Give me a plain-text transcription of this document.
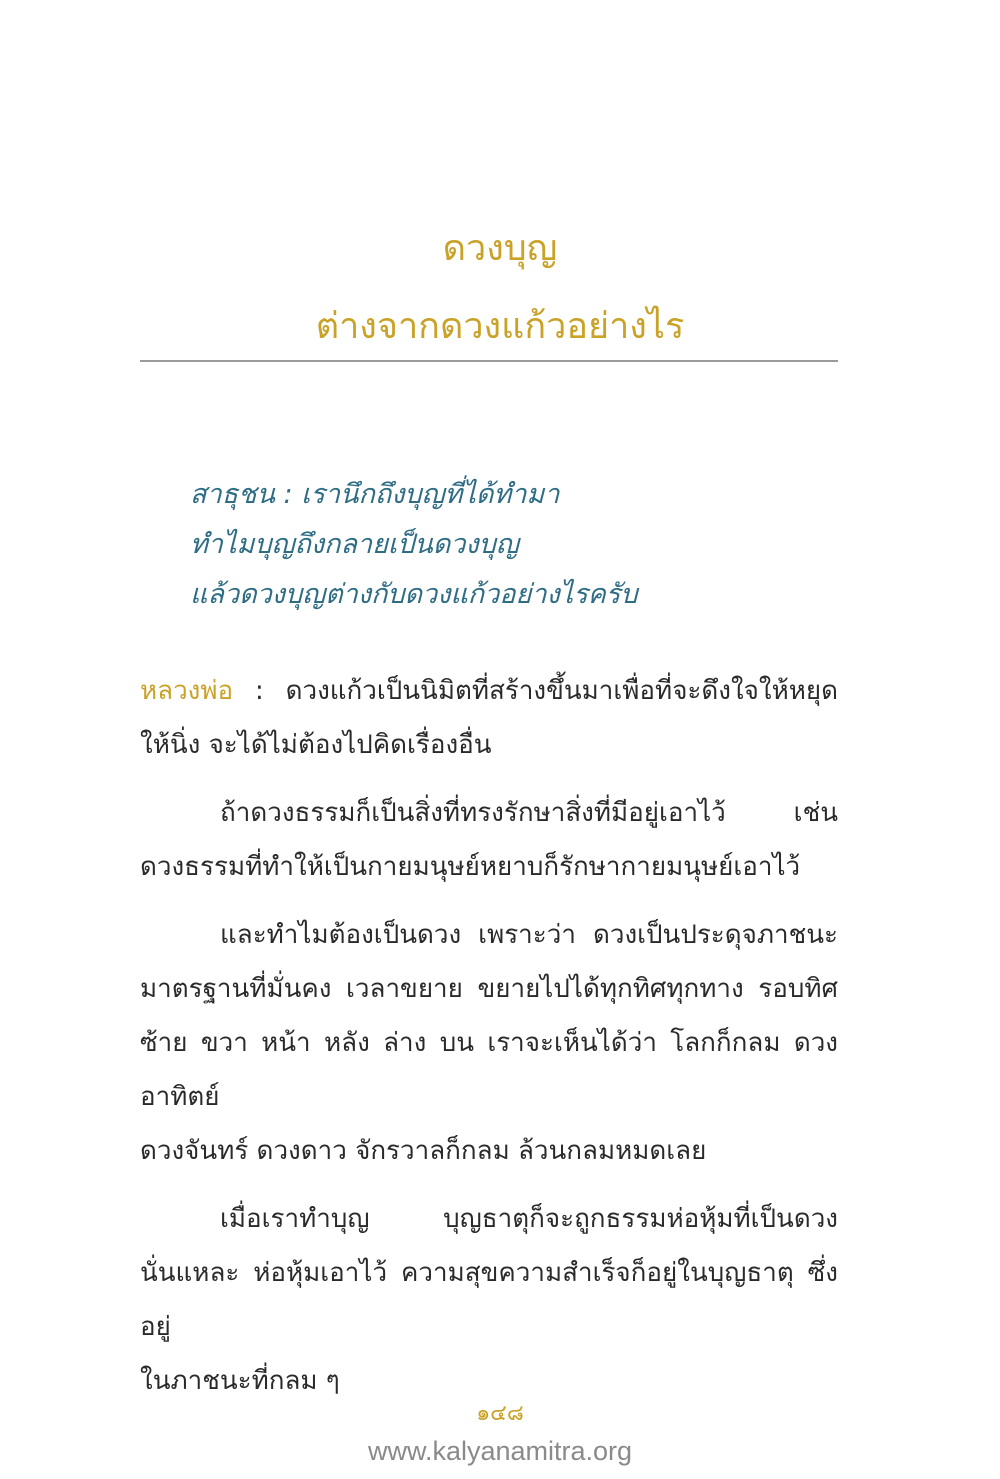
ดวงบุญ
ต่างจากดวงแก้วอย่างไร
สาธุชน : เรานึกถึงบุญที่ได้ทำมา
ทำไมบุญถึงกลายเป็นดวงบุญ
แล้วดวงบุญต่างกับดวงแก้วอย่างไรครับ

หลวงพ่อ : ดวงแก้วเป็นนิมิตที่สร้างขึ้นมาเพื่อที่จะดึงใจให้หยุด
ให้นิ่ง จะได้ไม่ต้องไปคิดเรื่องอื่น

ถ้าดวงธรรมก็เป็นสิ่งที่ทรงรักษาสิ่งที่มีอยู่เอาไว้ เช่น
ดวงธรรมที่ทำให้เป็นกายมนุษย์หยาบก็รักษากายมนุษย์เอาไว้

และทำไมต้องเป็นดวง เพราะว่า ดวงเป็นประดุจภาชนะ
มาตรฐานที่มั่นคง เวลาขยาย ขยายไปได้ทุกทิศทุกทาง รอบทิศ
ซ้าย ขวา หน้า หลัง ล่าง บน เราจะเห็นได้ว่า โลกก็กลม ดวงอาทิตย์
ดวงจันทร์ ดวงดาว จักรวาลก็กลม ล้วนกลมหมดเลย

เมื่อเราทำบุญ บุญธาตุก็จะถูกธรรมห่อหุ้มที่เป็นดวง
นั่นแหละ ห่อหุ้มเอาไว้ ความสุขความสำเร็จก็อยู่ในบุญธาตุ ซึ่งอยู่
ในภาชนะที่กลม ๆ

๑๔๘
www.kalyanamitra.org
